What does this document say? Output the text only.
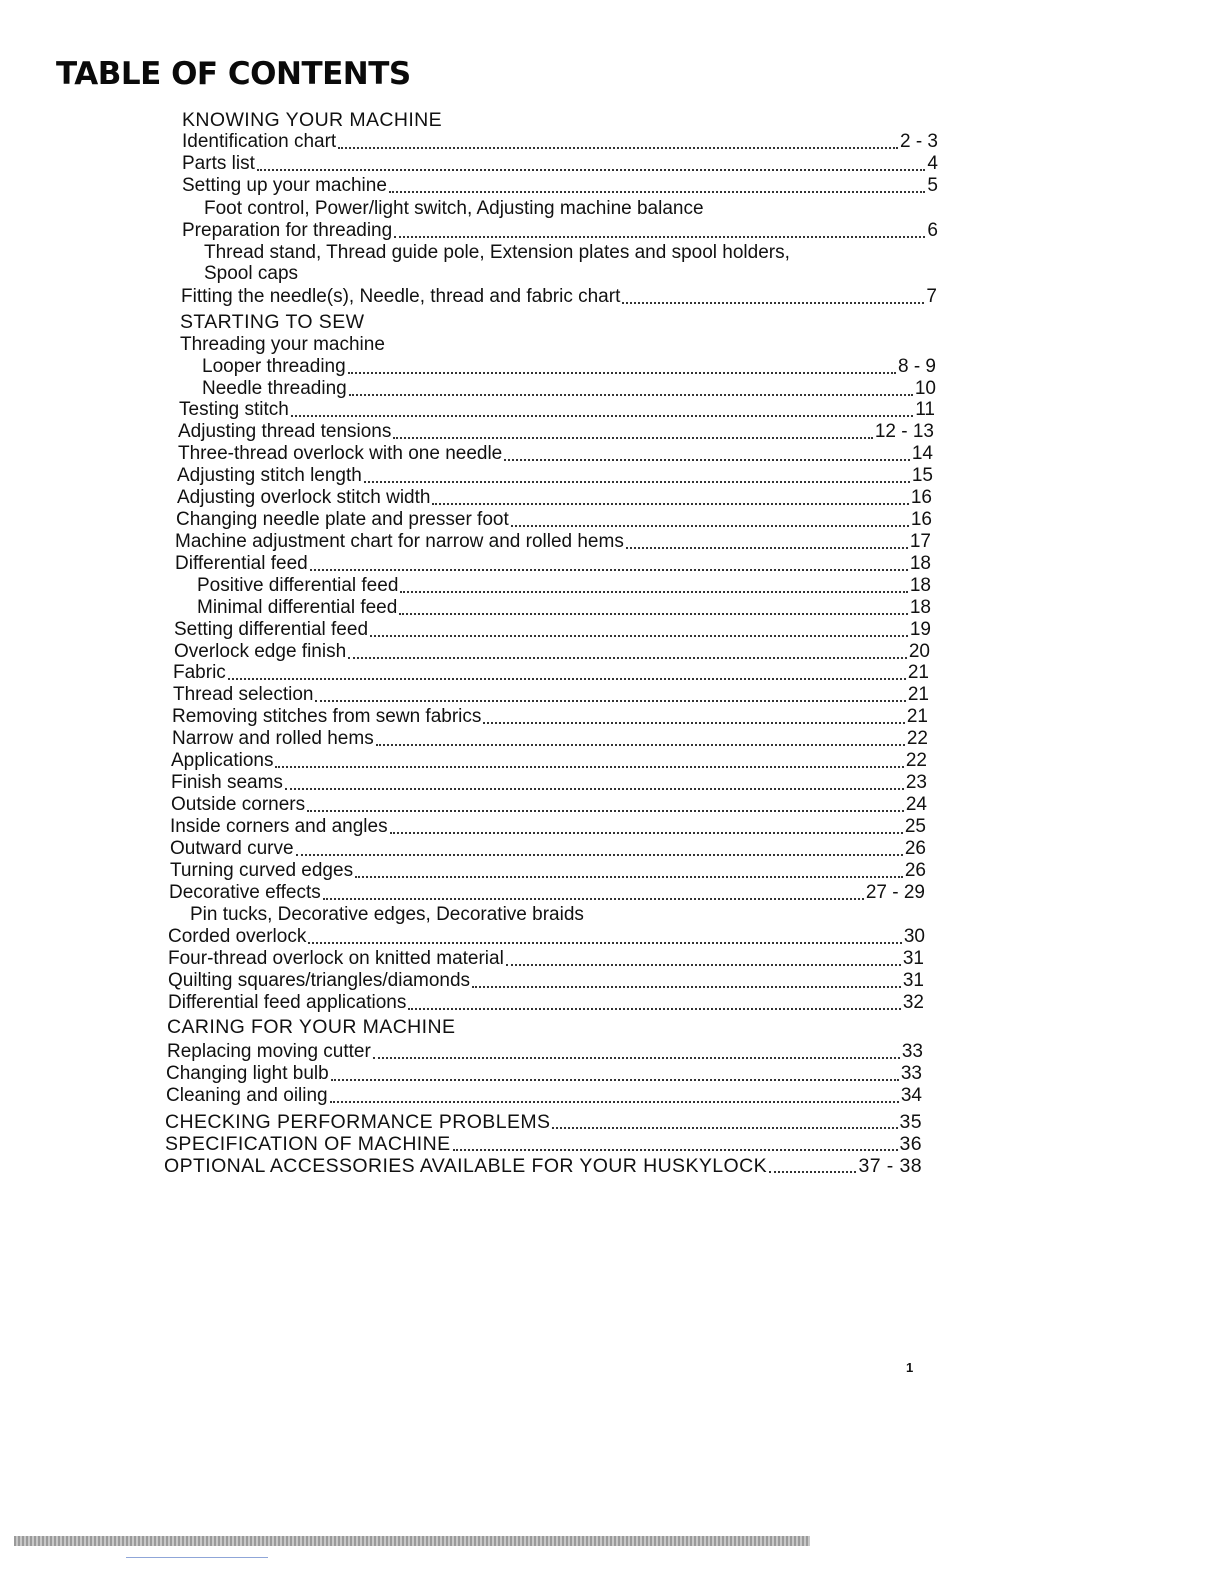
TABLE OF CONTENTS
KNOWING YOUR MACHINE
Identification chart	2 - 3
Parts list	4
Setting up your machine	5
Foot control, Power/light switch, Adjusting machine balance
Preparation for threading	6
Thread stand, Thread guide pole, Extension plates and spool holders,
Spool caps
Fitting the needle(s), Needle, thread and fabric chart	7
STARTING TO SEW
Threading your machine
Looper threading	8 - 9
Needle threading	10
Testing stitch	11
Adjusting thread tensions	12 - 13
Three-thread overlock with one needle	14
Adjusting stitch length	15
Adjusting overlock stitch width	16
Changing needle plate and presser foot	16
Machine adjustment chart for narrow and rolled hems	17
Differential feed	18
Positive differential feed	18
Minimal differential feed	18
Setting differential feed	19
Overlock edge finish	20
Fabric	21
Thread selection	21
Removing stitches from sewn fabrics	21
Narrow and rolled hems	22
Applications	22
Finish seams	23
Outside corners	24
Inside corners and angles	25
Outward curve	26
Turning curved edges	26
Decorative effects	27 - 29
Pin tucks, Decorative edges, Decorative braids
Corded overlock	30
Four-thread overlock on knitted material	31
Quilting squares/triangles/diamonds	31
Differential feed applications	32
CARING FOR YOUR MACHINE
Replacing moving cutter	33
Changing light bulb	33
Cleaning and oiling	34
CHECKING PERFORMANCE PROBLEMS	35
SPECIFICATION OF MACHINE	36
OPTIONAL ACCESSORIES AVAILABLE FOR YOUR HUSKYLOCK	37 - 38
1
